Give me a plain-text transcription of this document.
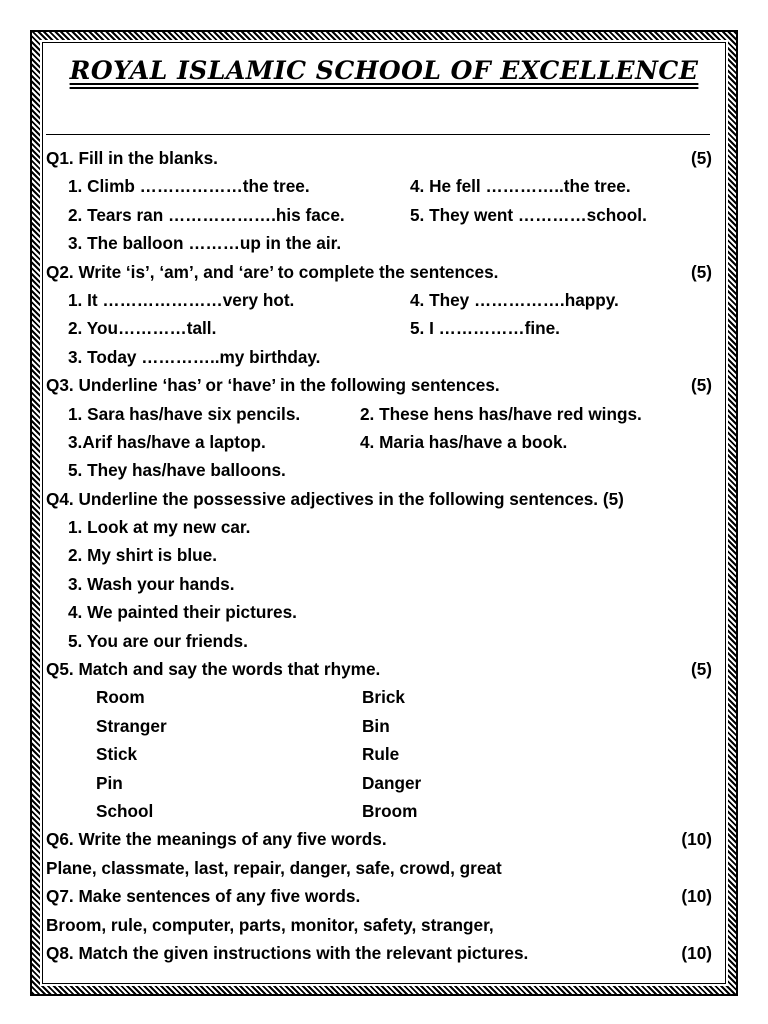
ROYAL ISLAMIC SCHOOL OF EXCELLENCE
Q1. Fill in the blanks.	(5)
1. Climb ………………the tree.	4. He fell …………..the tree.
2. Tears ran ……………….his face.	5. They went …………school.
3. The balloon ………up in the air.
Q2. Write ‘is’, ‘am’, and ‘are’ to complete the sentences.	(5)
1. It …………………very hot.	4. They …………….happy.
2. You…………tall.	5. I ……………fine.
3. Today …………..my birthday.
Q3. Underline ‘has’ or ‘have’ in the following sentences.	(5)
1. Sara has/have six pencils.	2. These hens has/have red wings.
3.Arif has/have a laptop.	4. Maria has/have a book.
5. They has/have balloons.
Q4. Underline the possessive adjectives in the following sentences. (5)
1. Look at my new car.
2. My shirt is blue.
3. Wash your hands.
4. We painted their pictures.
5. You are our friends.
Q5. Match and say the words that rhyme.	(5)
Room	Brick
Stranger	Bin
Stick	Rule
Pin	Danger
School	Broom
Q6. Write the meanings of any five words.	(10)
Plane, classmate, last, repair, danger, safe, crowd, great
Q7. Make sentences of any five words.	(10)
Broom, rule, computer, parts, monitor, safety, stranger,
Q8. Match the given instructions with the relevant pictures.	(10)
